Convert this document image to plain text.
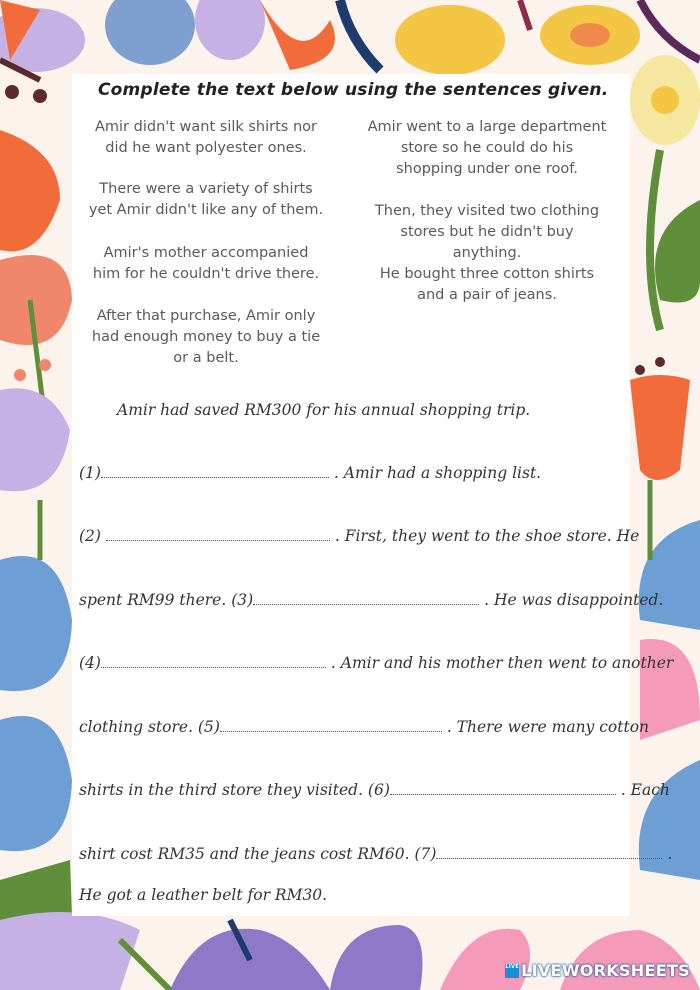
Complete the text below using the sentences given.
Amir didn't want silk shirts nor
did he want polyester ones.
There were a variety of shirts
yet Amir didn't like any of them.
Amir's mother accompanied
him for he couldn't drive there.
After that purchase, Amir only
had enough money to buy a tie
or a belt.
Amir went to a large department
store so he could do his
shopping under one roof.
Then, they visited two clothing
stores but he didn't buy anything.
He bought three cotton shirts
and a pair of jeans.
Amir had saved RM300 for his annual shopping trip.
(1)	. Amir had a shopping list.
(2)	. First, they went to the shoe store. He
spent RM99 there. (3)	. He was disappointed.
(4)	. Amir and his mother then went to another
clothing store. (5)	. There were many cotton
shirts in the third store they visited. (6)	. Each
shirt cost RM35 and the jeans cost RM60. (7)	.
He got a leather belt for RM30.
LIVE LIVEWORKSHEETS
